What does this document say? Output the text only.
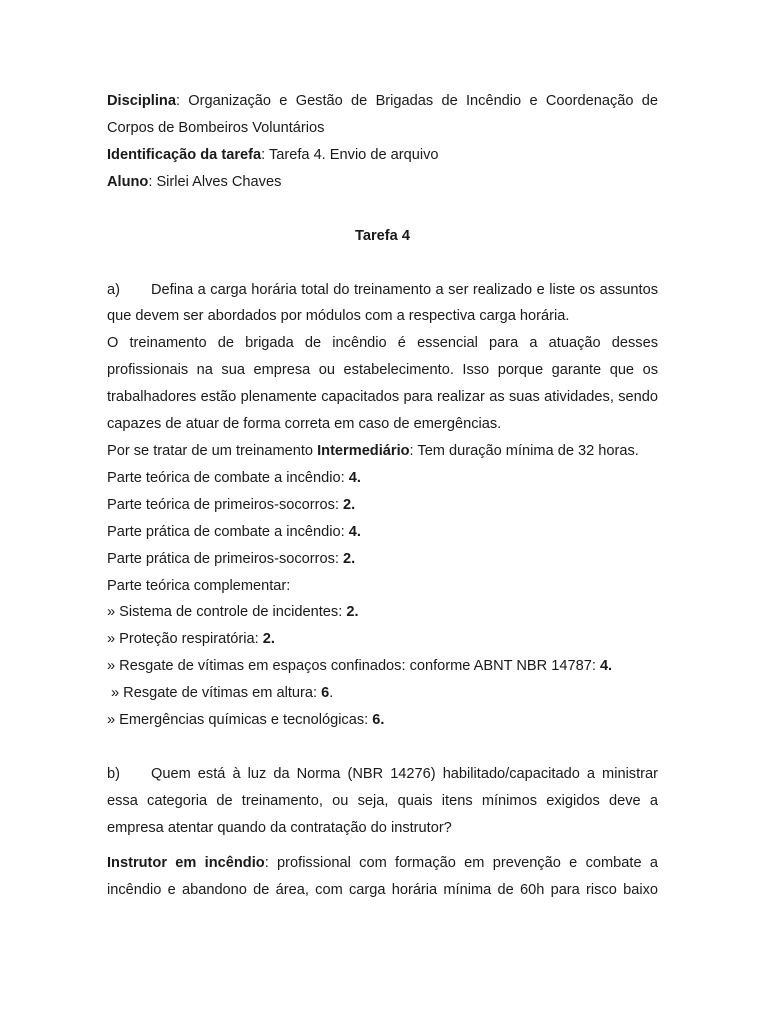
Disciplina: Organização e Gestão de Brigadas de Incêndio e Coordenação de Corpos de Bombeiros Voluntários

Identificação da tarefa: Tarefa 4. Envio de arquivo

Aluno: Sirlei Alves Chaves

Tarefa 4

a) Defina a carga horária total do treinamento a ser realizado e liste os assuntos que devem ser abordados por módulos com a respectiva carga horária.

O treinamento de brigada de incêndio é essencial para a atuação desses profissionais na sua empresa ou estabelecimento. Isso porque garante que os trabalhadores estão plenamente capacitados para realizar as suas atividades, sendo capazes de atuar de forma correta em caso de emergências.

Por se tratar de um treinamento Intermediário: Tem duração mínima de 32 horas.

Parte teórica de combate a incêndio: 4.

Parte teórica de primeiros-socorros: 2.

Parte prática de combate a incêndio: 4.

Parte prática de primeiros-socorros: 2.

Parte teórica complementar:

» Sistema de controle de incidentes: 2.

» Proteção respiratória: 2.

» Resgate de vítimas em espaços confinados: conforme ABNT NBR 14787: 4.

» Resgate de vítimas em altura: 6.

» Emergências químicas e tecnológicas: 6.

b) Quem está à luz da Norma (NBR 14276) habilitado/capacitado a ministrar essa categoria de treinamento, ou seja, quais itens mínimos exigidos deve a empresa atentar quando da contratação do instrutor?

Instrutor em incêndio: profissional com formação em prevenção e combate a incêndio e abandono de área, com carga horária mínima de 60h para risco baixo
